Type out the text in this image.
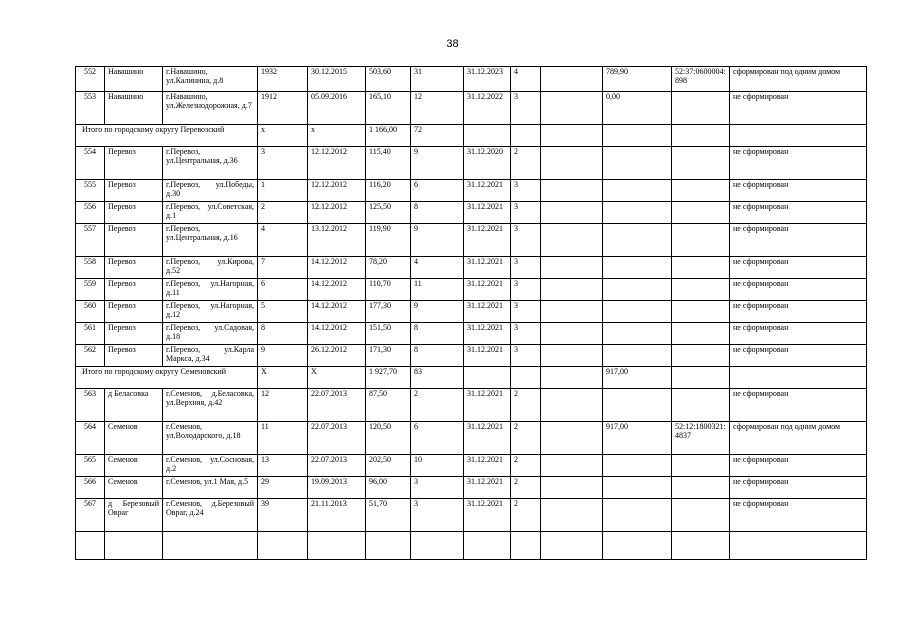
38
552	Навашино	г.Навашино, ул.Калинина, д.8	1932	30.12.2015	503,60	31	31.12.2023	4		789,90	52:37:0600004:898	сформирован под одним домом
553	Навашино	г.Навашино, ул.Железнодорожная, д.7	1912	05.09.2016	165,10	12	31.12.2022	3		0,00		не сформирован
Итого по городскому округу Перевозский			х	х	1 166,00	72						
554	Перевоз	г.Перевоз, ул.Центральная, д.36	3	12.12.2012	115,40	9	31.12.2020	2				не сформирован
555	Перевоз	г.Перевоз, ул.Победы, д.30	1	12.12.2012	116,20	6	31.12.2021	3				не сформирован
556	Перевоз	г.Перевоз, ул.Советская, д.1	2	12.12.2012	125,50	8	31.12.2021	3				не сформирован
557	Перевоз	г.Перевоз, ул.Центральная, д.16	4	13.12.2012	119,90	9	31.12.2021	3				не сформирован
558	Перевоз	г.Перевоз, ул.Кирова, д.52	7	14.12.2012	78,20	4	31.12.2021	3				не сформирован
559	Перевоз	г.Перевоз, ул.Нагорная, д.11	6	14.12.2012	110,70	11	31.12.2021	3				не сформирован
560	Перевоз	г.Перевоз, ул.Нагорная, д.12	5	14.12.2012	177,30	9	31.12.2021	3				не сформирован
561	Перевоз	г.Перевоз, ул.Садовая, д.18	8	14.12.2012	151,50	8	31.12.2021	3				не сформирован
562	Перевоз	г.Перевоз, ул.Карла Маркса, д.34	9	26.12.2012	171,30	8	31.12.2021	3				не сформирован
Итого по городскому округу Семеновский			Х	Х	1 927,70	83				917,00		
563	д Беласовка	г.Семенов, д.Беласовка, ул.Верхняя, д.42	12	22.07.2013	87,50	2	31.12.2021	2				не сформирован
564	Семенов	г.Семенов, ул.Володарского, д.18	11	22.07.2013	120,50	6	31.12.2021	2		917,00	52:12:1800321:4837	сформирован под одним домом
565	Семенов	г.Семенов, ул.Сосновая, д.2	13	22.07.2013	202,50	10	31.12.2021	2				не сформирован
566	Семенов	г.Семенов, ул.1 Мая, д.5	29	19.09.2013	96,00	3	31.12.2021	2				не сформирован
567	д Березовый Овраг	г.Семенов, д.Березовый Овраг, д.24	39	21.11.2013	51,70	3	31.12.2021	2				не сформирован
